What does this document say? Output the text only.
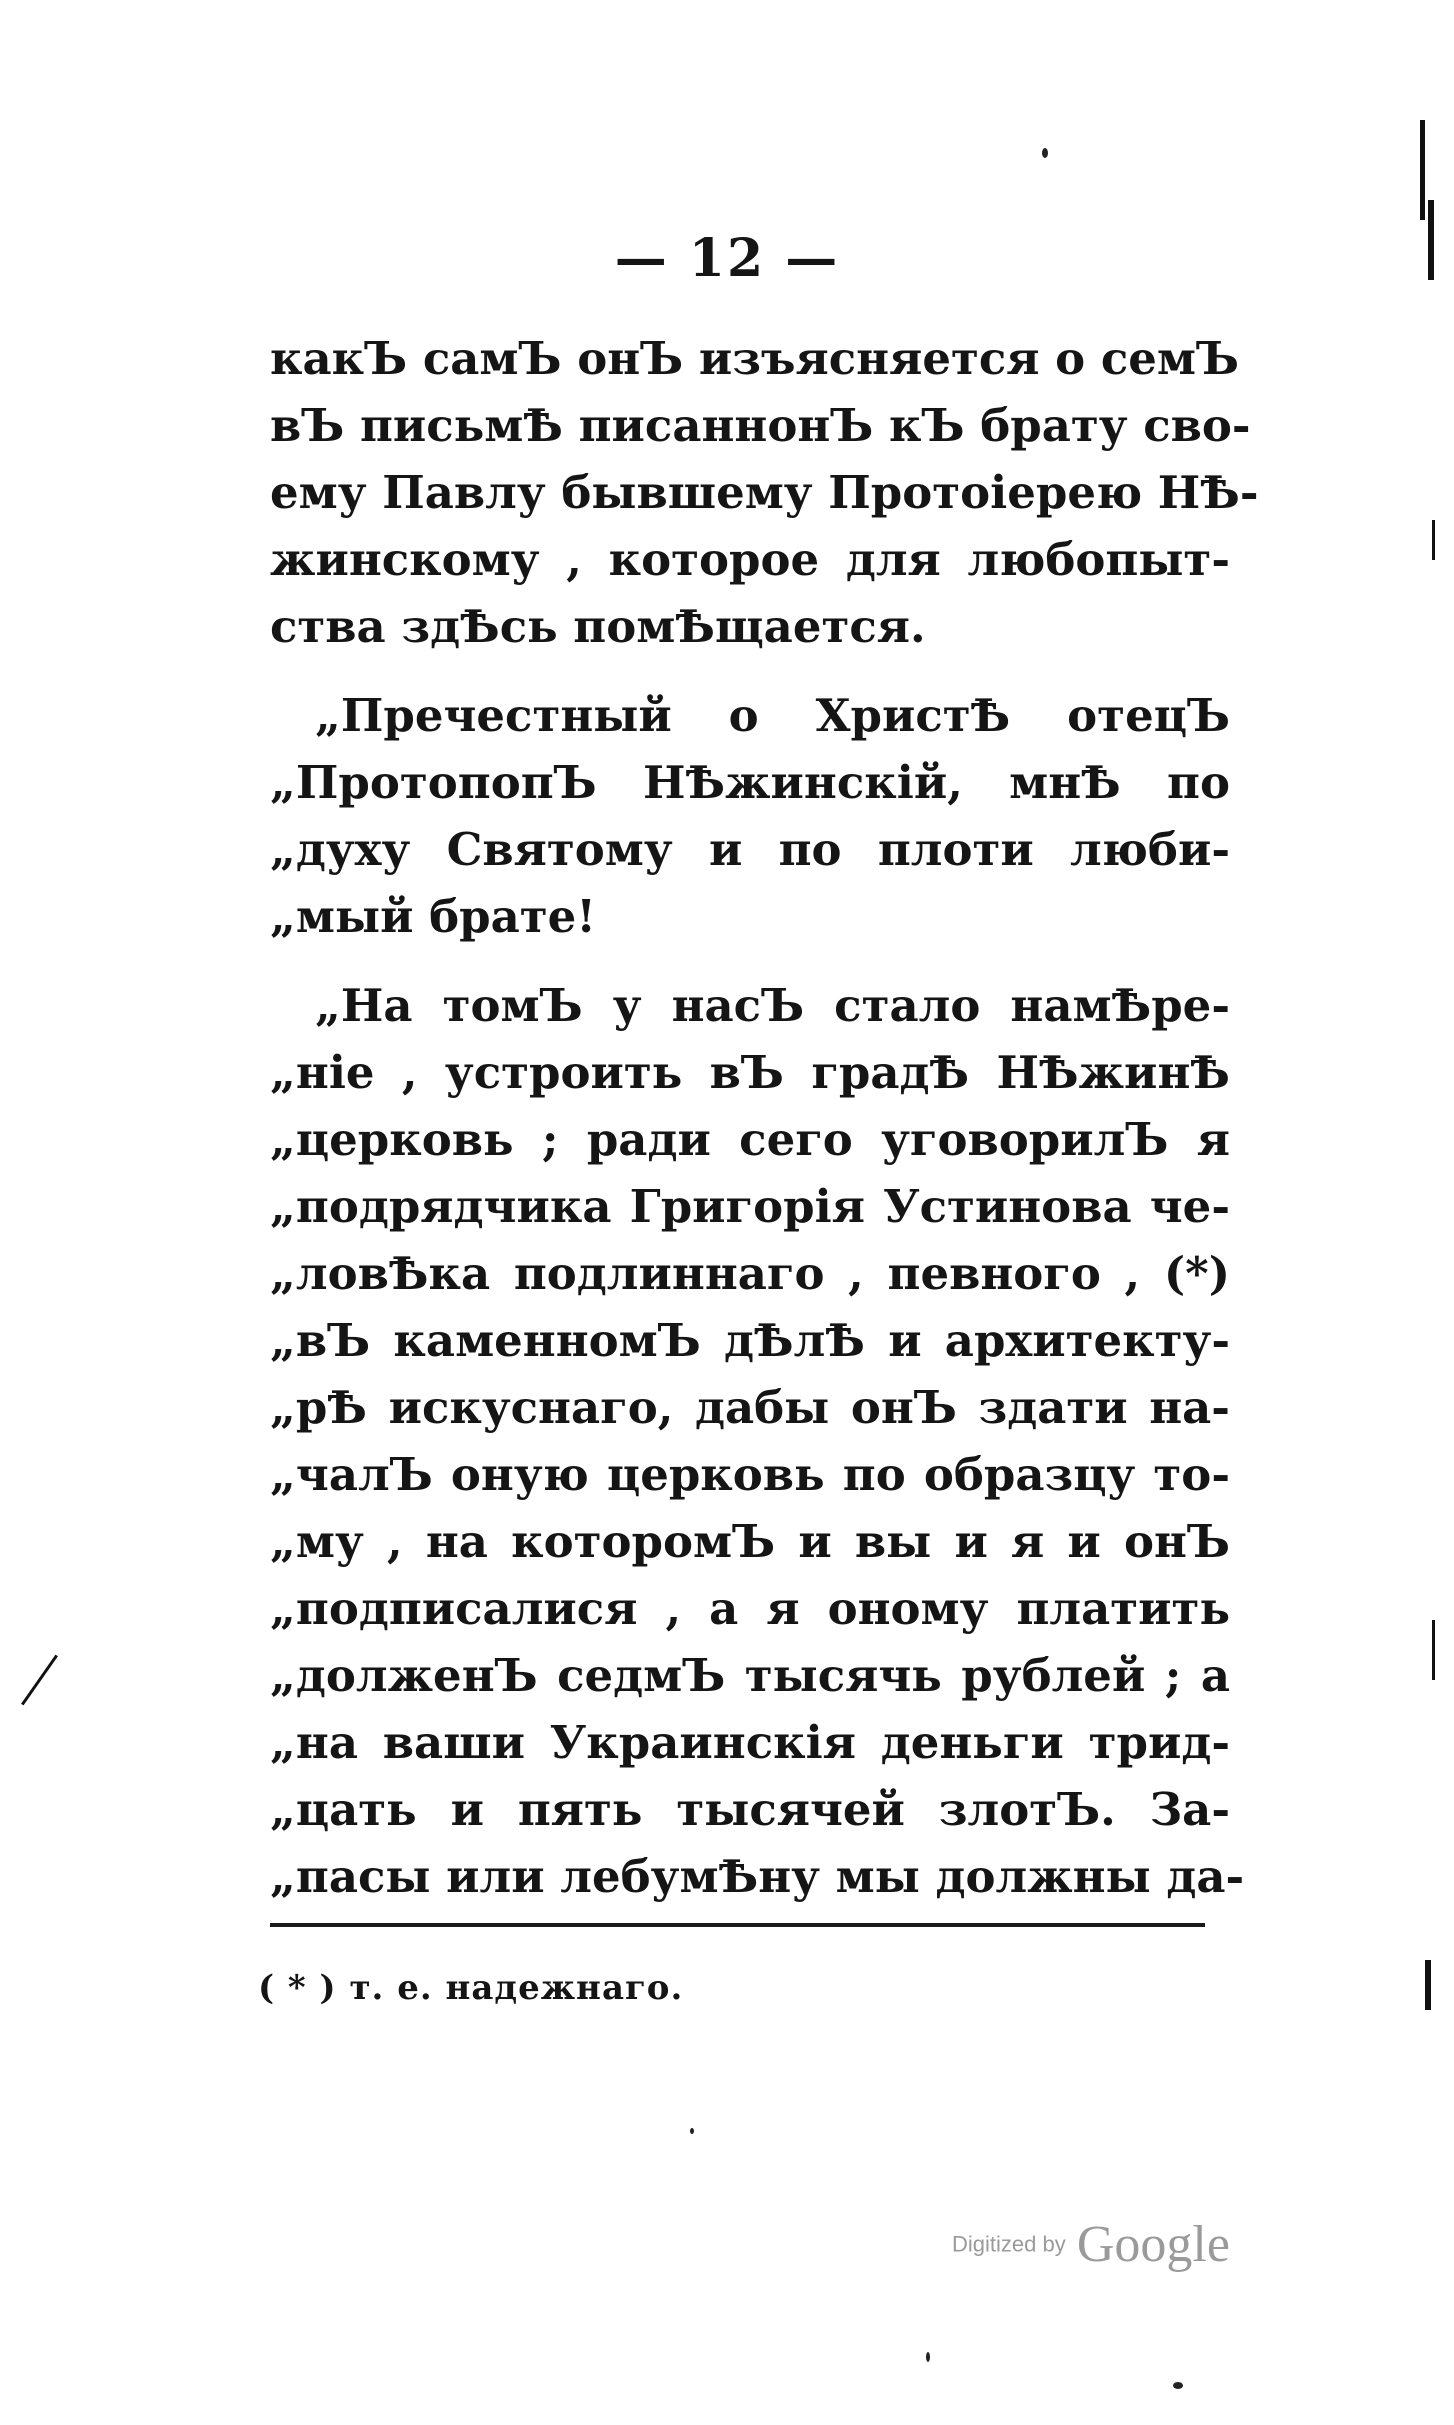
— 12 —
какЪ самЪ онЪ изъясняется о семЪ
вЪ письмѢ писаннонЪ кЪ брату сво-
ему Павлу бывшему Протоіерею НѢ-
жинскому , которое для любопыт-
ства здѢсь помѢщается.
„Пречестный о ХристѢ отецЪ
„ПротопопЪ НѢжинскій, мнѢ по
„духу Святому и по плоти люби-
„мый брате!
„На томЪ у насЪ стало намѢре-
„ніе , устроить вЪ градѢ НѢжинѢ
„церковь ; ради сего уговорилЪ я
„подрядчика Григорія Устинова че-
„ловѢка подлиннаго , певного , (*)
„вЪ каменномЪ дѢлѢ и архитекту-
„рѢ искуснаго, дабы онЪ здати на-
„чалЪ оную церковь по образцу то-
„му , на которомЪ и вы и я и онЪ
„подписалися , а я оному платить
„долженЪ седмЪ тысячь рублей ; а
„на ваши Украинскія деньги трид-
„цать и пять тысячей злотЪ. За-
„пасы или лебумѢну мы должны да-
( * ) т. е. надежнаго.
Digitized by Google
